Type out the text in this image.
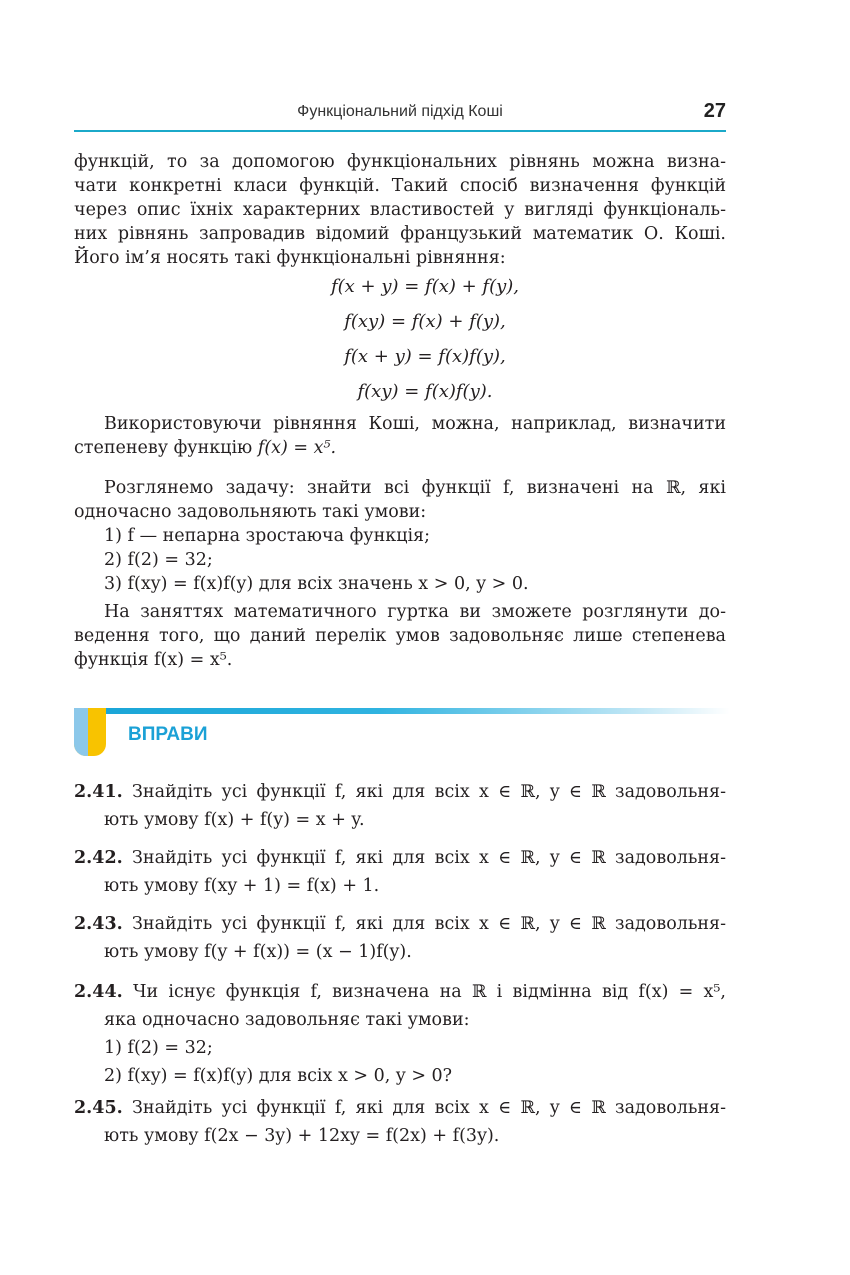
Функціональний підхід Коші	27

функцій, то за допомогою функціональних рівнянь можна визна-

чати конкретні класи функцій. Такий спосіб визначення функцій

через опис їхніх характерних властивостей у вигляді функціональ-

них рівнянь запровадив відомий французький математик О. Коші.

Його ім’я носять такі функціональні рівняння:

f(x + y) = f(x) + f(y),
f(xy) = f(x) + f(y),
f(x + y) = f(x)f(y),
f(xy) = f(x)f(y).

Використовуючи рівняння Коші, можна, наприклад, визначити

степеневу функцію f(x) = x⁵.

Розглянемо задачу: знайти всі функції f, визначені на ℝ, які

одночасно задовольняють такі умови:

1) f — непарна зростаюча функція;

2) f(2) = 32;

3) f(xy) = f(x)f(y) для всіх значень x > 0, y > 0.

На заняттях математичного гуртка ви зможете розглянути до-

ведення того, що даний перелік умов задовольняє лише степенева

функція f(x) = x⁵.

ВПРАВИ

2.41. Знайдіть усі функції f, які для всіх x ∈ ℝ, y ∈ ℝ задовольня-

ють умову f(x) + f(y) = x + y.

2.42. Знайдіть усі функції f, які для всіх x ∈ ℝ, y ∈ ℝ задовольня-

ють умову f(xy + 1) = f(x) + 1.

2.43. Знайдіть усі функції f, які для всіх x ∈ ℝ, y ∈ ℝ задовольня-

ють умову f(y + f(x)) = (x − 1)f(y).

2.44. Чи існує функція f, визначена на ℝ і відмінна від f(x) = x⁵,

яка одночасно задовольняє такі умови:

1) f(2) = 32;

2) f(xy) = f(x)f(y) для всіх x > 0, y > 0?

2.45. Знайдіть усі функції f, які для всіх x ∈ ℝ, y ∈ ℝ задовольня-

ють умову f(2x − 3y) + 12xy = f(2x) + f(3y).
